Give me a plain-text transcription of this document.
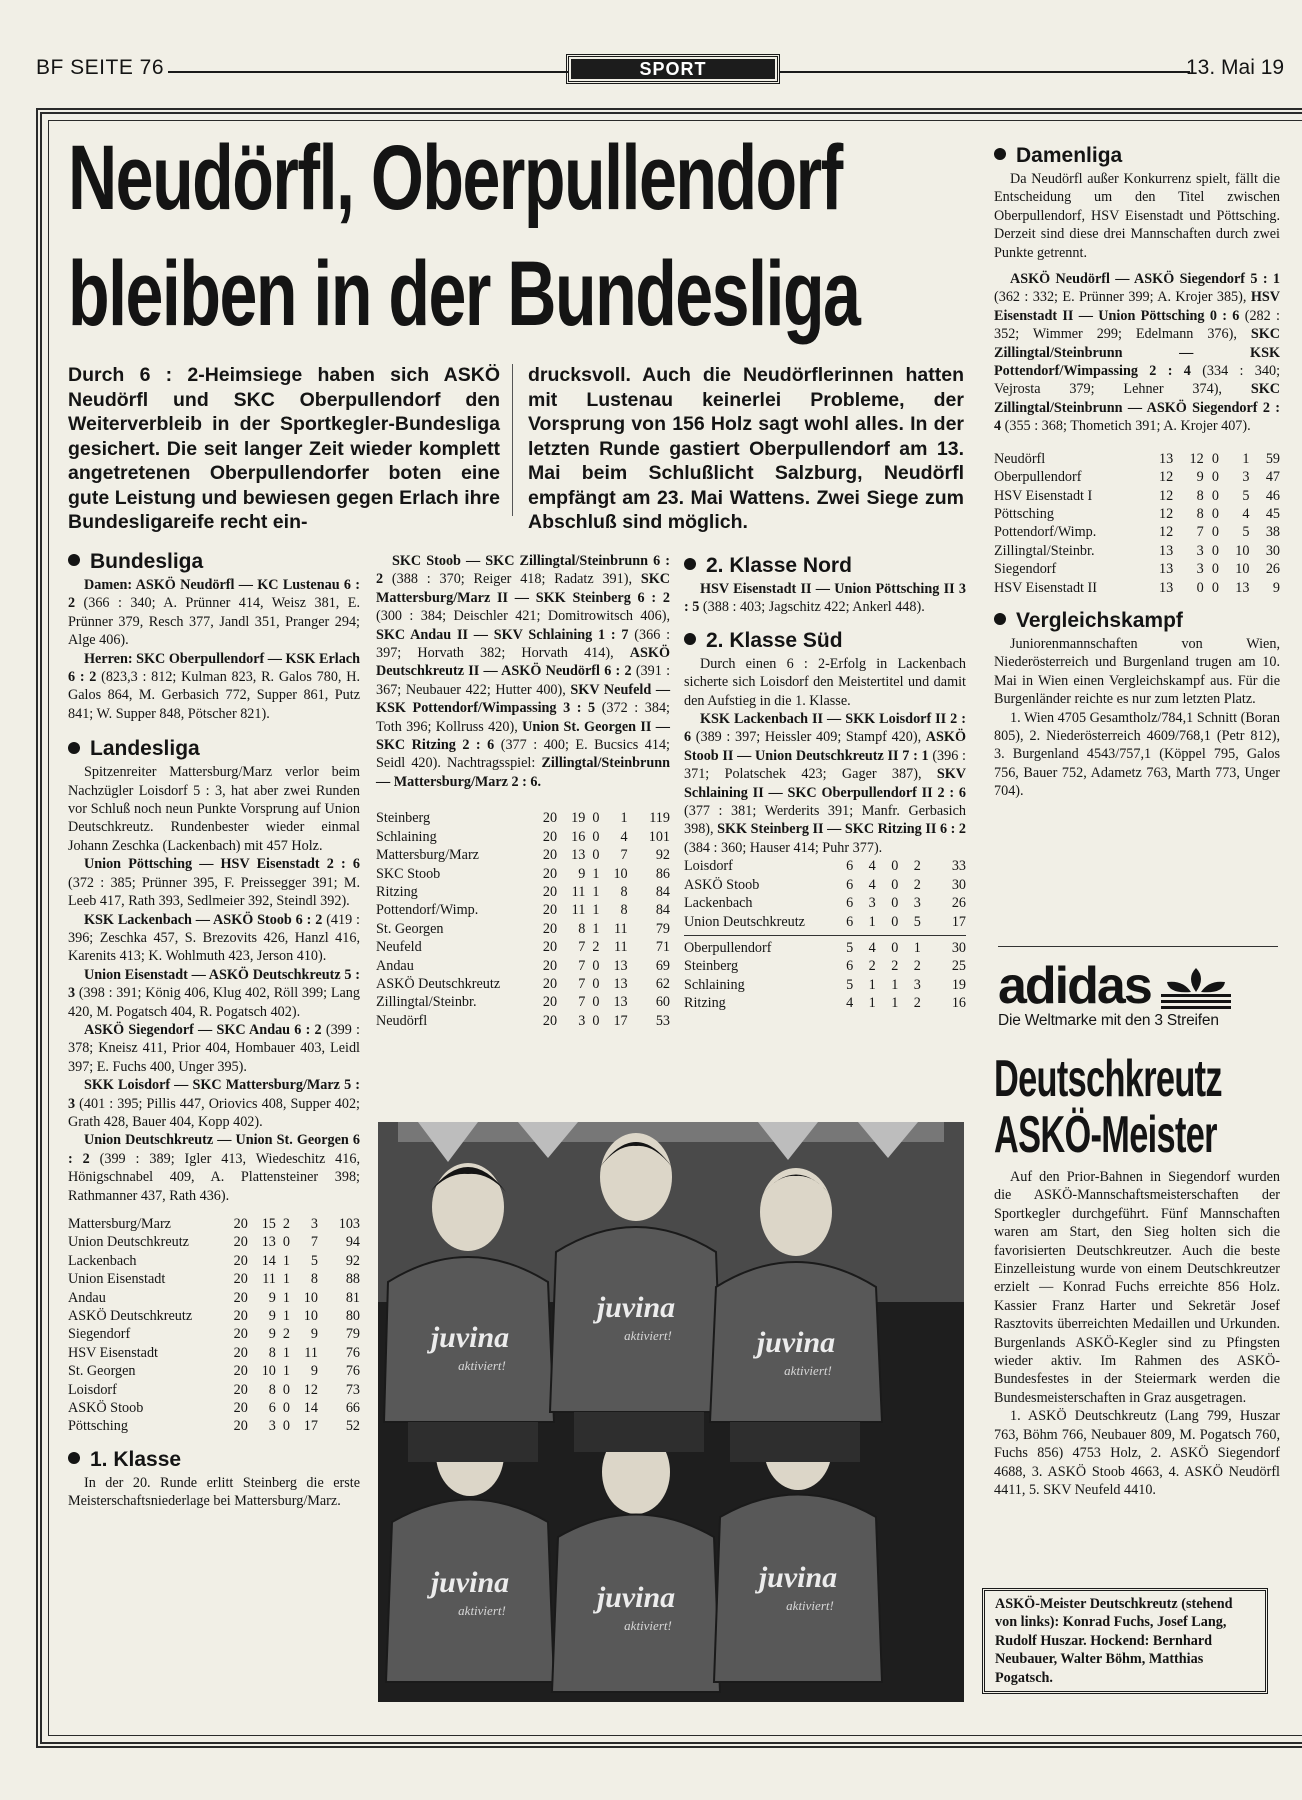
BF SEITE 76	SPORT	13. Mai 19
Neudörfl, Oberpullendorf
bleiben in der Bundesliga
Durch 6 : 2-Heimsiege haben sich ASKÖ Neudörfl und SKC Oberpullendorf den Weiterverbleib in der Sportkegler-Bundesliga gesichert. Die seit langer Zeit wieder komplett angetretenen Oberpullendorfer boten eine gute Leistung und bewiesen gegen Erlach ihre Bundesligareife recht ein-
drucksvoll. Auch die Neudörflerinnen hatten mit Lustenau keinerlei Probleme, der Vorsprung von 156 Holz sagt wohl alles. In der letzten Runde gastiert Oberpullendorf am 13. Mai beim Schlußlicht Salzburg, Neudörfl empfängt am 23. Mai Wattens. Zwei Siege zum Abschluß sind möglich.
Bundesliga
Damen: ASKÖ Neudörfl — KC Lustenau 6 : 2 (366 : 340; A. Prünner 414, Weisz 381, E. Prünner 379, Resch 377, Jandl 351, Pranger 294; Alge 406).
Herren: SKC Oberpullendorf — KSK Erlach 6 : 2 (823,3 : 812; Kulman 823, R. Galos 780, H. Galos 864, M. Gerbasich 772, Supper 861, Putz 841; W. Supper 848, Pötscher 821).
Landesliga
Spitzenreiter Mattersburg/Marz verlor beim Nachzügler Loisdorf 5 : 3, hat aber zwei Runden vor Schluß noch neun Punkte Vorsprung auf Union Deutschkreutz. Rundenbester wieder einmal Johann Zeschka (Lackenbach) mit 457 Holz.
Union Pöttsching — HSV Eisenstadt 2 : 6 (372 : 385; Prünner 395, F. Preissegger 391; M. Leeb 417, Rath 393, Sedlmeier 392, Steindl 392).
KSK Lackenbach — ASKÖ Stoob 6 : 2 (419 : 396; Zeschka 457, S. Brezovits 426, Hanzl 416, Karenits 413; K. Wohlmuth 423, Jerson 410).
Union Eisenstadt — ASKÖ Deutschkreutz 5 : 3 (398 : 391; König 406, Klug 402, Röll 399; Lang 420, M. Pogatsch 404, R. Pogatsch 402).
ASKÖ Siegendorf — SKC Andau 6 : 2 (399 : 378; Kneisz 411, Prior 404, Hombauer 403, Leidl 397; E. Fuchs 400, Unger 395).
SKK Loisdorf — SKC Mattersburg/Marz 5 : 3 (401 : 395; Pillis 447, Oriovics 408, Supper 402; Grath 428, Bauer 404, Kopp 402).
Union Deutschkreutz — Union St. Georgen 6 : 2 (399 : 389; Igler 413, Wiedeschitz 416, Hönigschnabel 409, A. Plattensteiner 398; Rathmanner 437, Rath 436).
Mattersburg/Marz	20	15	2	3	103
Union Deutschkreutz	20	13	0	7	94
Lackenbach	20	14	1	5	92
Union Eisenstadt	20	11	1	8	88
Andau	20	9	1	10	81
ASKÖ Deutschkreutz	20	9	1	10	80
Siegendorf	20	9	2	9	79
HSV Eisenstadt	20	8	1	11	76
St. Georgen	20	10	1	9	76
Loisdorf	20	8	0	12	73
ASKÖ Stoob	20	6	0	14	66
Pöttsching	20	3	0	17	52
1. Klasse
In der 20. Runde erlitt Steinberg die erste Meisterschaftsniederlage bei Mattersburg/Marz.
SKC Stoob — SKC Zillingtal/Steinbrunn 6 : 2 (388 : 370; Reiger 418; Radatz 391), SKC Mattersburg/Marz II — SKK Steinberg 6 : 2 (300 : 384; Deischler 421; Domitrowitsch 406), SKC Andau II — SKV Schlaining 1 : 7 (366 : 397; Horvath 382; Horvath 414), ASKÖ Deutschkreutz II — ASKÖ Neudörfl 6 : 2 (391 : 367; Neubauer 422; Hutter 400), SKV Neufeld — KSK Pottendorf/Wimpassing 3 : 5 (372 : 384; Toth 396; Kollruss 420), Union St. Georgen II — SKC Ritzing 2 : 6 (377 : 400; E. Bucsics 414; Seidl 420). Nachtragsspiel: Zillingtal/Steinbrunn — Mattersburg/Marz 2 : 6.
Steinberg	20	19	0	1	119
Schlaining	20	16	0	4	101
Mattersburg/Marz	20	13	0	7	92
SKC Stoob	20	9	1	10	86
Ritzing	20	11	1	8	84
Pottendorf/Wimp.	20	11	1	8	84
St. Georgen	20	8	1	11	79
Neufeld	20	7	2	11	71
Andau	20	7	0	13	69
ASKÖ Deutschkreutz	20	7	0	13	62
Zillingtal/Steinbr.	20	7	0	13	60
Neudörfl	20	3	0	17	53
2. Klasse Nord
HSV Eisenstadt II — Union Pöttsching II 3 : 5 (388 : 403; Jagschitz 422; Ankerl 448).
2. Klasse Süd
Durch einen 6 : 2-Erfolg in Lackenbach sicherte sich Loisdorf den Meistertitel und damit den Aufstieg in die 1. Klasse.
KSK Lackenbach II — SKK Loisdorf II 2 : 6 (389 : 397; Heissler 409; Stampf 420), ASKÖ Stoob II — Union Deutschkreutz II 7 : 1 (396 : 371; Polatschek 423; Gager 387), SKV Schlaining II — SKC Oberpullendorf II 2 : 6 (377 : 381; Werderits 391; Manfr. Gerbasich 398), SKK Steinberg II — SKC Ritzing II 6 : 2 (384 : 360; Hauser 414; Puhr 377).
Loisdorf	6	4	0	2	33
ASKÖ Stoob	6	4	0	2	30
Lackenbach	6	3	0	3	26
Union Deutschkreutz	6	1	0	5	17
Oberpullendorf	5	4	0	1	30
Steinberg	6	2	2	2	25
Schlaining	5	1	1	3	19
Ritzing	4	1	1	2	16
juvina
juvina
juvina
juvina	juvina
juvina
aktiviert!
aktiviert!
aktiviert!
aktiviert!
aktiviert!
aktiviert!
Damenliga
Da Neudörfl außer Konkurrenz spielt, fällt die Entscheidung um den Titel zwischen Oberpullendorf, HSV Eisenstadt und Pöttsching. Derzeit sind diese drei Mannschaften durch zwei Punkte getrennt.
ASKÖ Neudörfl — ASKÖ Siegendorf 5 : 1 (362 : 332; E. Prünner 399; A. Krojer 385), HSV Eisenstadt II — Union Pöttsching 0 : 6 (282 : 352; Wimmer 299; Edelmann 376), SKC Zillingtal/Steinbrunn — KSK Pottendorf/Wimpassing 2 : 4 (334 : 340; Vejrosta 379; Lehner 374), SKC Zillingtal/Steinbrunn — ASKÖ Siegendorf 2 : 4 (355 : 368; Thometich 391; A. Krojer 407).
Neudörfl	13	12	0	1	59
Oberpullendorf	12	9	0	3	47
HSV Eisenstadt I	12	8	0	5	46
Pöttsching	12	8	0	4	45
Pottendorf/Wimp.	12	7	0	5	38
Zillingtal/Steinbr.	13	3	0	10	30
Siegendorf	13	3	0	10	26
HSV Eisenstadt II	13	0	0	13	9
Vergleichskampf
Juniorenmannschaften von Wien, Niederösterreich und Burgenland trugen am 10. Mai in Wien einen Vergleichskampf aus. Für die Burgenländer reichte es nur zum letzten Platz.
1. Wien 4705 Gesamtholz/784,1 Schnitt (Boran 805), 2. Niederösterreich 4609/768,1 (Petr 812), 3. Burgenland 4543/757,1 (Köppel 795, Galos 756, Bauer 752, Adametz 763, Marth 773, Unger 704).
adidas
Die Weltmarke mit den 3 Streifen
Deutschkreutz
ASKÖ-Meister
Auf den Prior-Bahnen in Siegendorf wurden die ASKÖ-Mannschaftsmeisterschaften der Sportkegler durchgeführt. Fünf Mannschaften waren am Start, den Sieg holten sich die favorisierten Deutschkreutzer. Auch die beste Einzelleistung wurde von einem Deutschkreutzer erzielt — Konrad Fuchs erreichte 856 Holz. Kassier Franz Harter und Sekretär Josef Rasztovits überreichten Medaillen und Urkunden. Burgenlands ASKÖ-Kegler sind zu Pfingsten wieder aktiv. Im Rahmen des ASKÖ-Bundesfestes in der Steiermark werden die Bundesmeisterschaften in Graz ausgetragen.
1. ASKÖ Deutschkreutz (Lang 799, Huszar 763, Böhm 766, Neubauer 809, M. Pogatsch 760, Fuchs 856) 4753 Holz, 2. ASKÖ Siegendorf 4688, 3. ASKÖ Stoob 4663, 4. ASKÖ Neudörfl 4411, 5. SKV Neufeld 4410.
ASKÖ-Meister Deutschkreutz (stehend von links): Konrad Fuchs, Josef Lang, Rudolf Huszar. Hockend: Bernhard Neubauer, Walter Böhm, Matthias Pogatsch.
